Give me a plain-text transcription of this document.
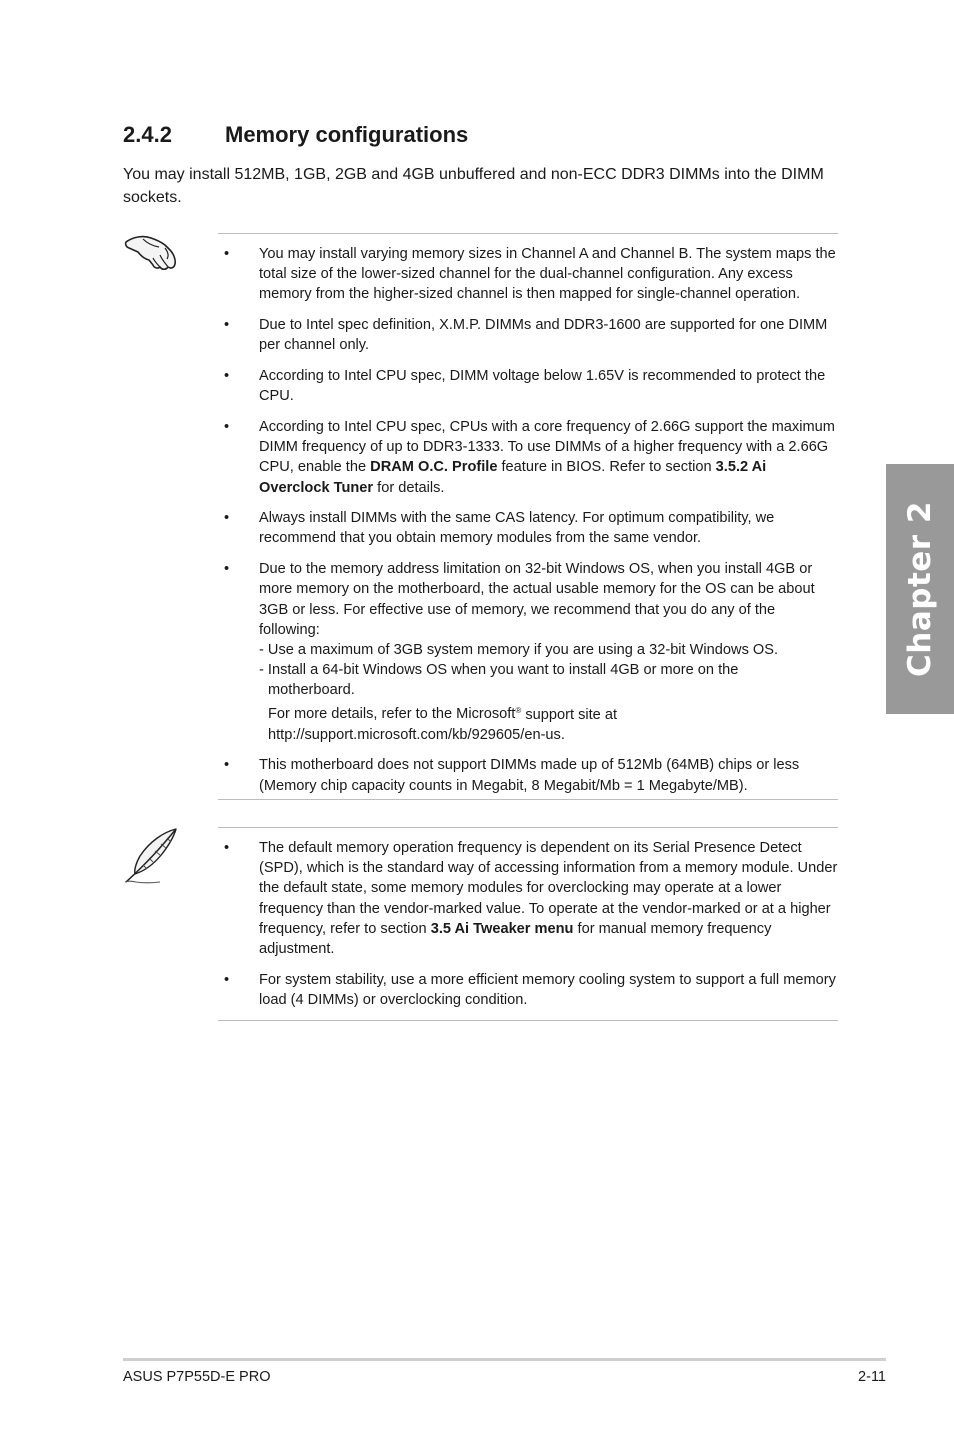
2.4.2 Memory configurations

You may install 512MB, 1GB, 2GB and 4GB unbuffered and non-ECC DDR3 DIMMs into the DIMM sockets.

• You may install varying memory sizes in Channel A and Channel B. The system maps the total size of the lower-sized channel for the dual-channel configuration. Any excess memory from the higher-sized channel is then mapped for single-channel operation.
• Due to Intel spec definition, X.M.P. DIMMs and DDR3-1600 are supported for one DIMM per channel only.
• According to Intel CPU spec, DIMM voltage below 1.65V is recommended to protect the CPU.
• According to Intel CPU spec, CPUs with a core frequency of 2.66G support the maximum DIMM frequency of up to DDR3-1333. To use DIMMs of a higher frequency with a 2.66G CPU, enable the DRAM O.C. Profile feature in BIOS. Refer to section 3.5.2 Ai Overclock Tuner for details.
• Always install DIMMs with the same CAS latency. For optimum compatibility, we recommend that you obtain memory modules from the same vendor.
• Due to the memory address limitation on 32-bit Windows OS, when you install 4GB or more memory on the motherboard, the actual usable memory for the OS can be about 3GB or less. For effective use of memory, we recommend that you do any of the following:
- Use a maximum of 3GB system memory if you are using a 32-bit Windows OS.
- Install a 64-bit Windows OS when you want to install 4GB or more on the
motherboard.
For more details, refer to the Microsoft® support site at
http://support.microsoft.com/kb/929605/en-us.
• This motherboard does not support DIMMs made up of 512Mb (64MB) chips or less (Memory chip capacity counts in Megabit, 8 Megabit/Mb = 1 Megabyte/MB).
• The default memory operation frequency is dependent on its Serial Presence Detect (SPD), which is the standard way of accessing information from a memory module. Under the default state, some memory modules for overclocking may operate at a lower frequency than the vendor-marked value. To operate at the vendor-marked or at a higher frequency, refer to section 3.5 Ai Tweaker menu for manual memory frequency adjustment.
• For system stability, use a more efficient memory cooling system to support a full memory load (4 DIMMs) or overclocking condition.
Chapter 2
ASUS P7P55D-E PRO	2-11
